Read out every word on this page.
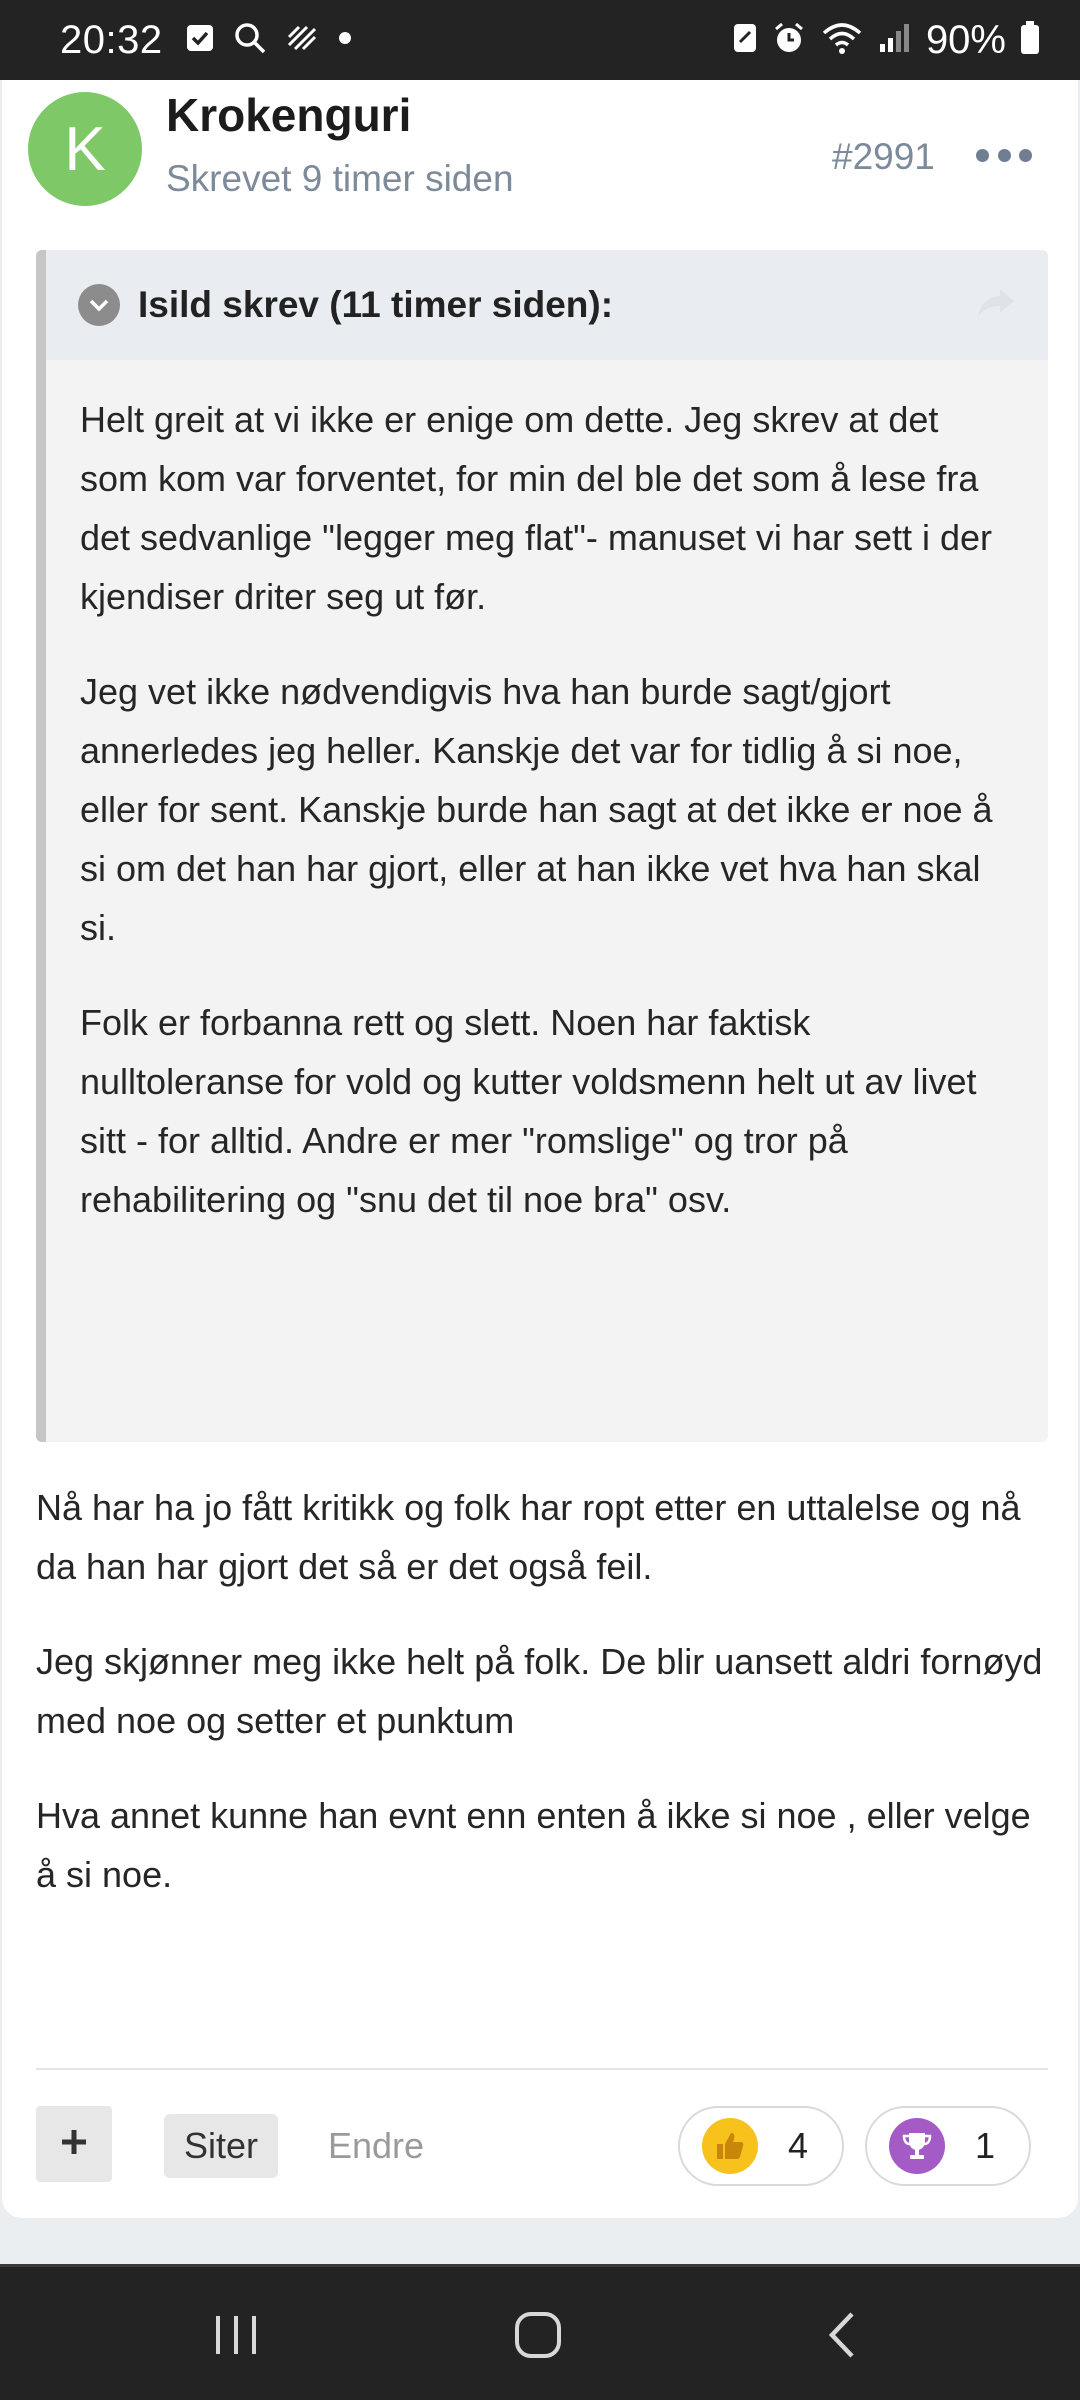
20:32	90%
K	Krokenguri
Skrevet 9 timer siden
#2991
Isild skrev (11 timer siden):

Helt greit at vi ikke er enige om dette. Jeg skrev at det som kom var forventet, for min del ble det som å lese fra det sedvanlige "legger meg flat"- manuset vi har sett i der kjendiser driter seg ut før.

Jeg vet ikke nødvendigvis hva han burde sagt/gjort annerledes jeg heller. Kanskje det var for tidlig å si noe, eller for sent. Kanskje burde han sagt at det ikke er noe å si om det han har gjort, eller at han ikke vet hva han skal si.

Folk er forbanna rett og slett. Noen har faktisk nulltoleranse for vold og kutter voldsmenn helt ut av livet sitt - for alltid. Andre er mer "romslige" og tror på rehabilitering og "snu det til noe bra" osv.

Nå har ha jo fått kritikk og folk har ropt etter en uttalelse og nå da han har gjort det så er det også feil.

Jeg skjønner meg ikke helt på folk. De blir uansett aldri fornøyd med noe og setter et punktum

Hva annet kunne han evnt enn enten å ikke si noe , eller velge å si noe.

Siter	Endre	4	1
